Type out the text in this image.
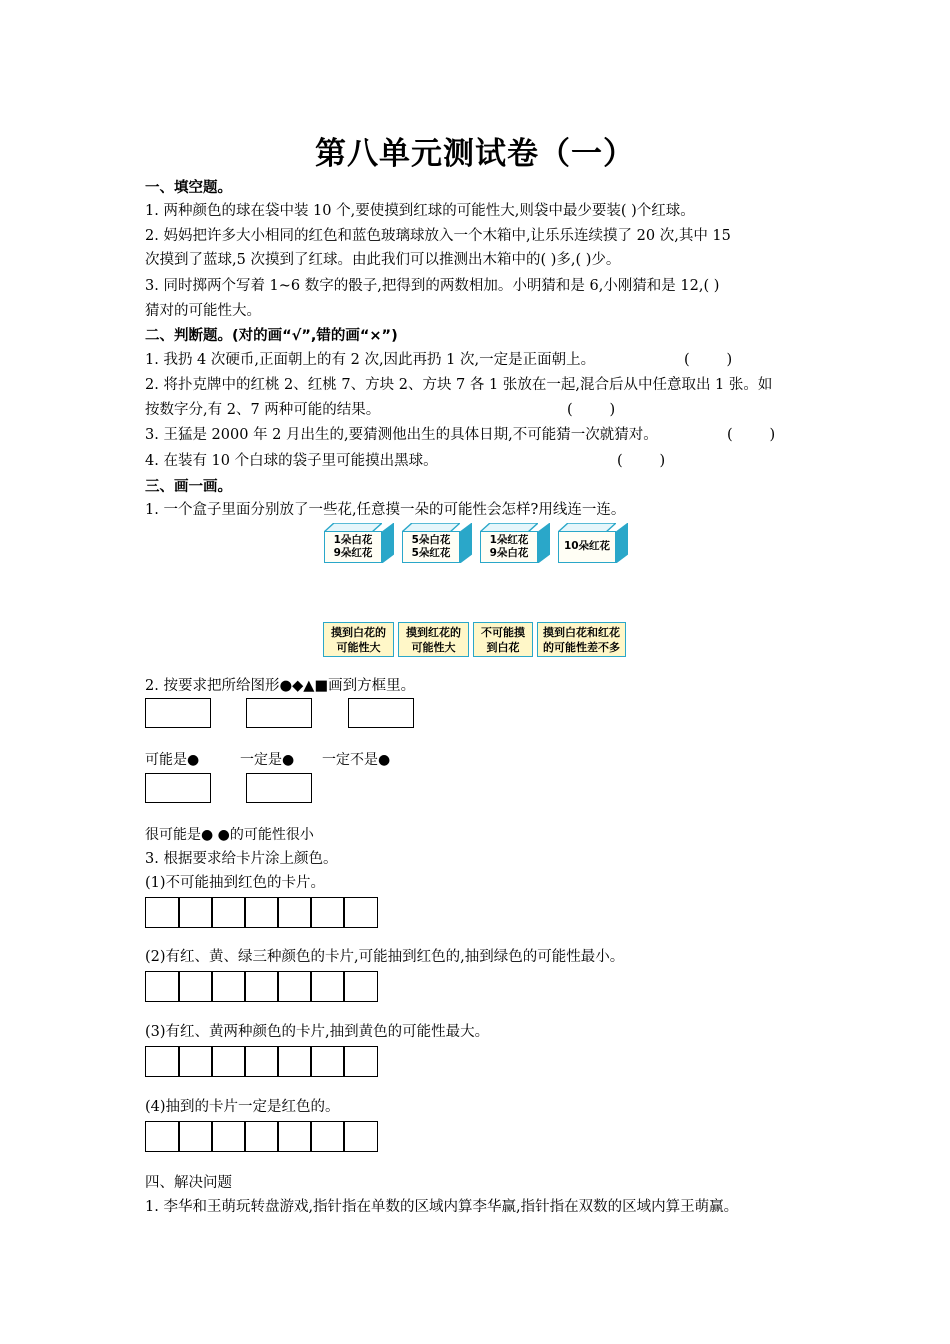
第八单元测试卷（一）
一、填空题。
1. 两种颜色的球在袋中装 10 个,要使摸到红球的可能性大,则袋中最少要装( )个红球。
2. 妈妈把许多大小相同的红色和蓝色玻璃球放入一个木箱中,让乐乐连续摸了 20 次,其中 15
次摸到了蓝球,5 次摸到了红球。由此我们可以推测出木箱中的( )多,( )少。
3. 同时掷两个写着 1~6 数字的骰子,把得到的两数相加。小明猜和是 6,小刚猜和是 12,( )
猜对的可能性大。
二、判断题。(对的画“√”,错的画“×”)
1. 我扔 4 次硬币,正面朝上的有 2 次,因此再扔 1 次,一定是正面朝上。	(        )
2. 将扑克牌中的红桃 2、红桃 7、方块 2、方块 7 各 1 张放在一起,混合后从中任意取出 1 张。如
按数字分,有 2、7 两种可能的结果。	(        )
3. 王猛是 2000 年 2 月出生的,要猜测他出生的具体日期,不可能猜一次就猜对。	(        )
4. 在装有 10 个白球的袋子里可能摸出黑球。	(        )
三、画一画。
1. 一个盒子里面分别放了一些花,任意摸一朵的可能性会怎样?用线连一连。
1朵白花
9朵红花
5朵白花
5朵红花
1朵红花
9朵白花
10朵红花
摸到白花的
可能性大
摸到红花的
可能性大
不可能摸
到白花
摸到白花和红花
的可能性差不多
2. 按要求把所给图形●◆▲■画到方框里。
可能是●	一定是● 一定不是●
很可能是● ●的可能性很小
3. 根据要求给卡片涂上颜色。
(1)不可能抽到红色的卡片。
(2)有红、黄、绿三种颜色的卡片,可能抽到红色的,抽到绿色的可能性最小。
(3)有红、黄两种颜色的卡片,抽到黄色的可能性最大。
(4)抽到的卡片一定是红色的。
四、解决问题
1. 李华和王萌玩转盘游戏,指针指在单数的区域内算李华赢,指针指在双数的区域内算王萌赢。
